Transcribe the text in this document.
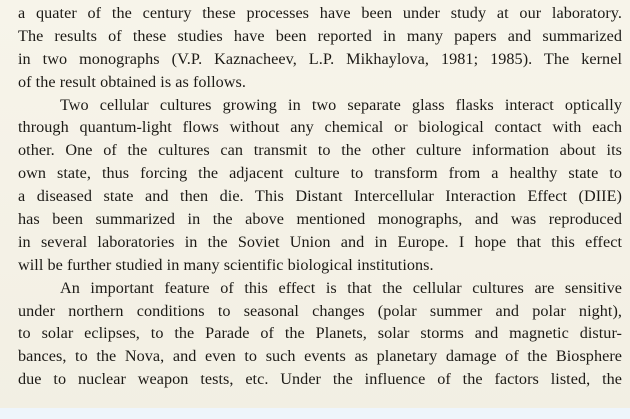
a quater of the century these processes have been under study at our laboratory.
The results of these studies have been reported in many papers and summarized
in two monographs (V.P. Kaznacheev, L.P. Mikhaylova, 1981; 1985). The kernel
of the result obtained is as follows.
Two cellular cultures growing in two separate glass flasks interact optically
through quantum-light flows without any chemical or biological contact with each
other. One of the cultures can transmit to the other culture information about its
own state, thus forcing the adjacent culture to transform from a healthy state to
a diseased state and then die. This Distant Intercellular Interaction Effect (DIIE)
has been summarized in the above mentioned monographs, and was reproduced
in several laboratories in the Soviet Union and in Europe. I hope that this effect
will be further studied in many scientific biological institutions.
An important feature of this effect is that the cellular cultures are sensitive
under northern conditions to seasonal changes (polar summer and polar night),
to solar eclipses, to the Parade of the Planets, solar storms and magnetic distur-
bances, to the Nova, and even to such events as planetary damage of the Biosphere
due to nuclear weapon tests, etc. Under the influence of the factors listed, the
